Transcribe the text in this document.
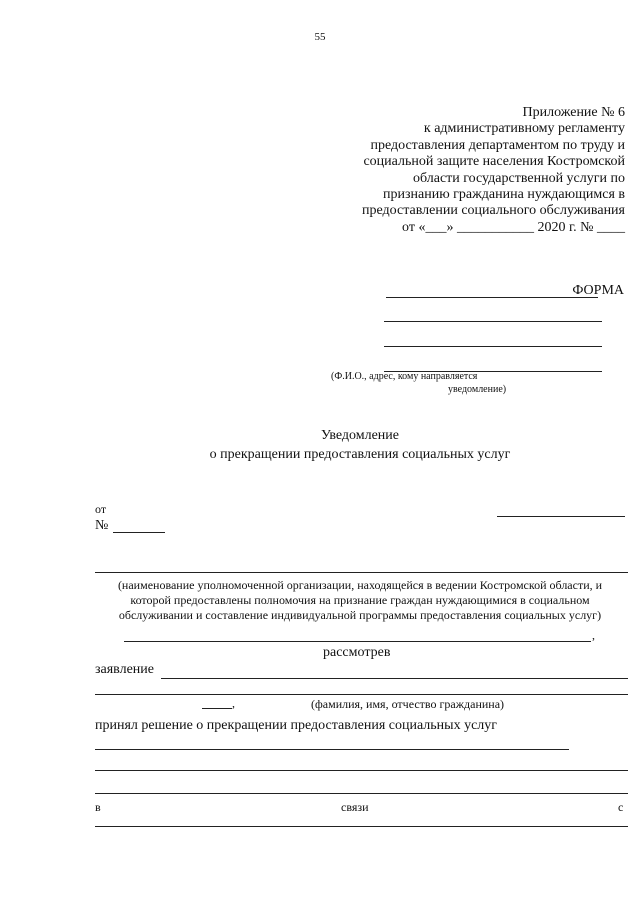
55
Приложение № 6
к административному регламенту
предоставления департаментом по труду и
социальной защите населения Костромской
области государственной услуги по
признанию гражданина нуждающимся в
предоставлении социального обслуживания
от «___» ___________ 2020 г. № ____
ФОРМА
(Ф.И.О., адрес, кому направляется
уведомление)
Уведомление
о прекращении предоставления социальных услуг
от
№
(наименование уполномоченной организации, находящейся в ведении Костромской области, и
которой предоставлены полномочия на признание граждан нуждающимися в социальном
обслуживании и составление индивидуальной программы предоставления социальных услуг)
,
рассмотрев
заявление
,	(фамилия, имя, отчество гражданина)
принял решение о прекращении предоставления социальных услуг
в	связи	с
